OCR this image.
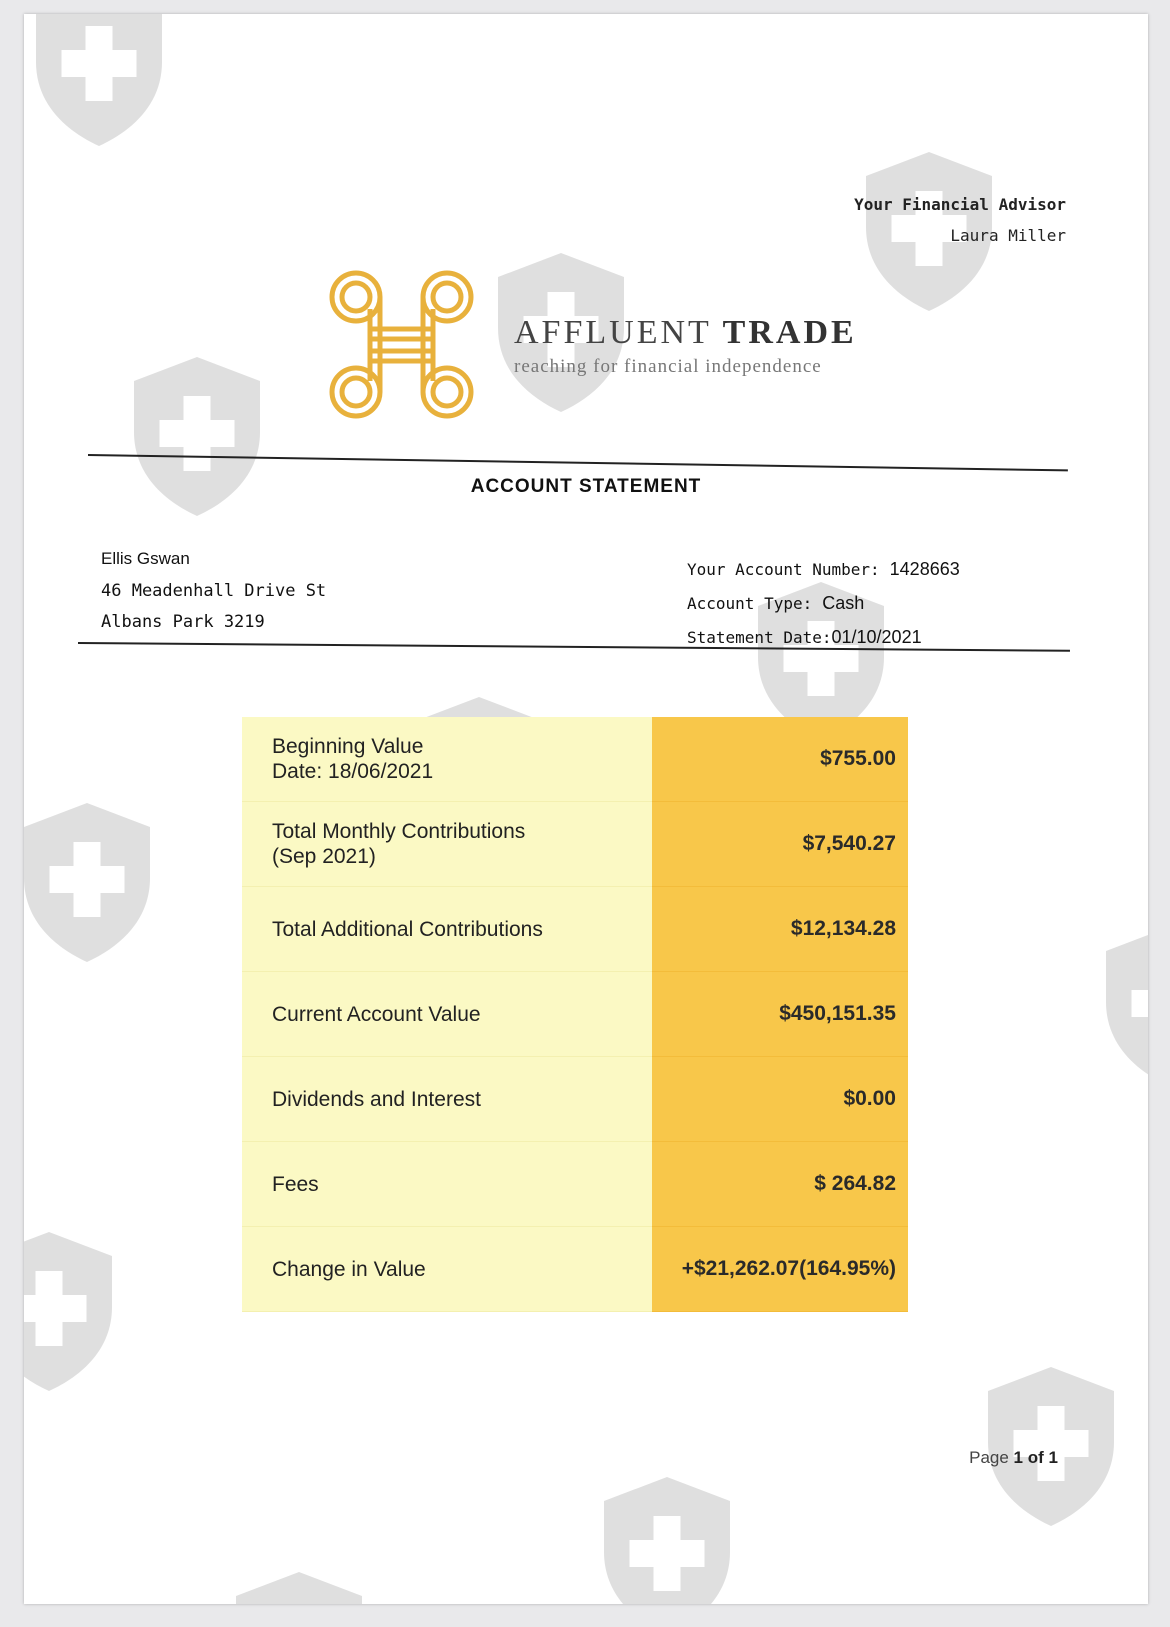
Your Financial Advisor
Laura Miller
AFFLUENT TRADE
reaching for financial independence
ACCOUNT STATEMENT
Ellis Gswan
46 Meadenhall Drive St
Albans Park 3219
Your Account Number: 1428663
Account Type: Cash
Statement Date:01/10/2021
Beginning Value
Date: 18/06/2021	$755.00

Total Monthly Contributions
(Sep 2021)	$7,540.27
Total Additional Contributions	$12,134.28
Current Account Value	$450,151.35
Dividends and Interest	$0.00
Fees	$ 264.82
Change in Value	+$21,262.07(164.95%)
Page 1 of 1
